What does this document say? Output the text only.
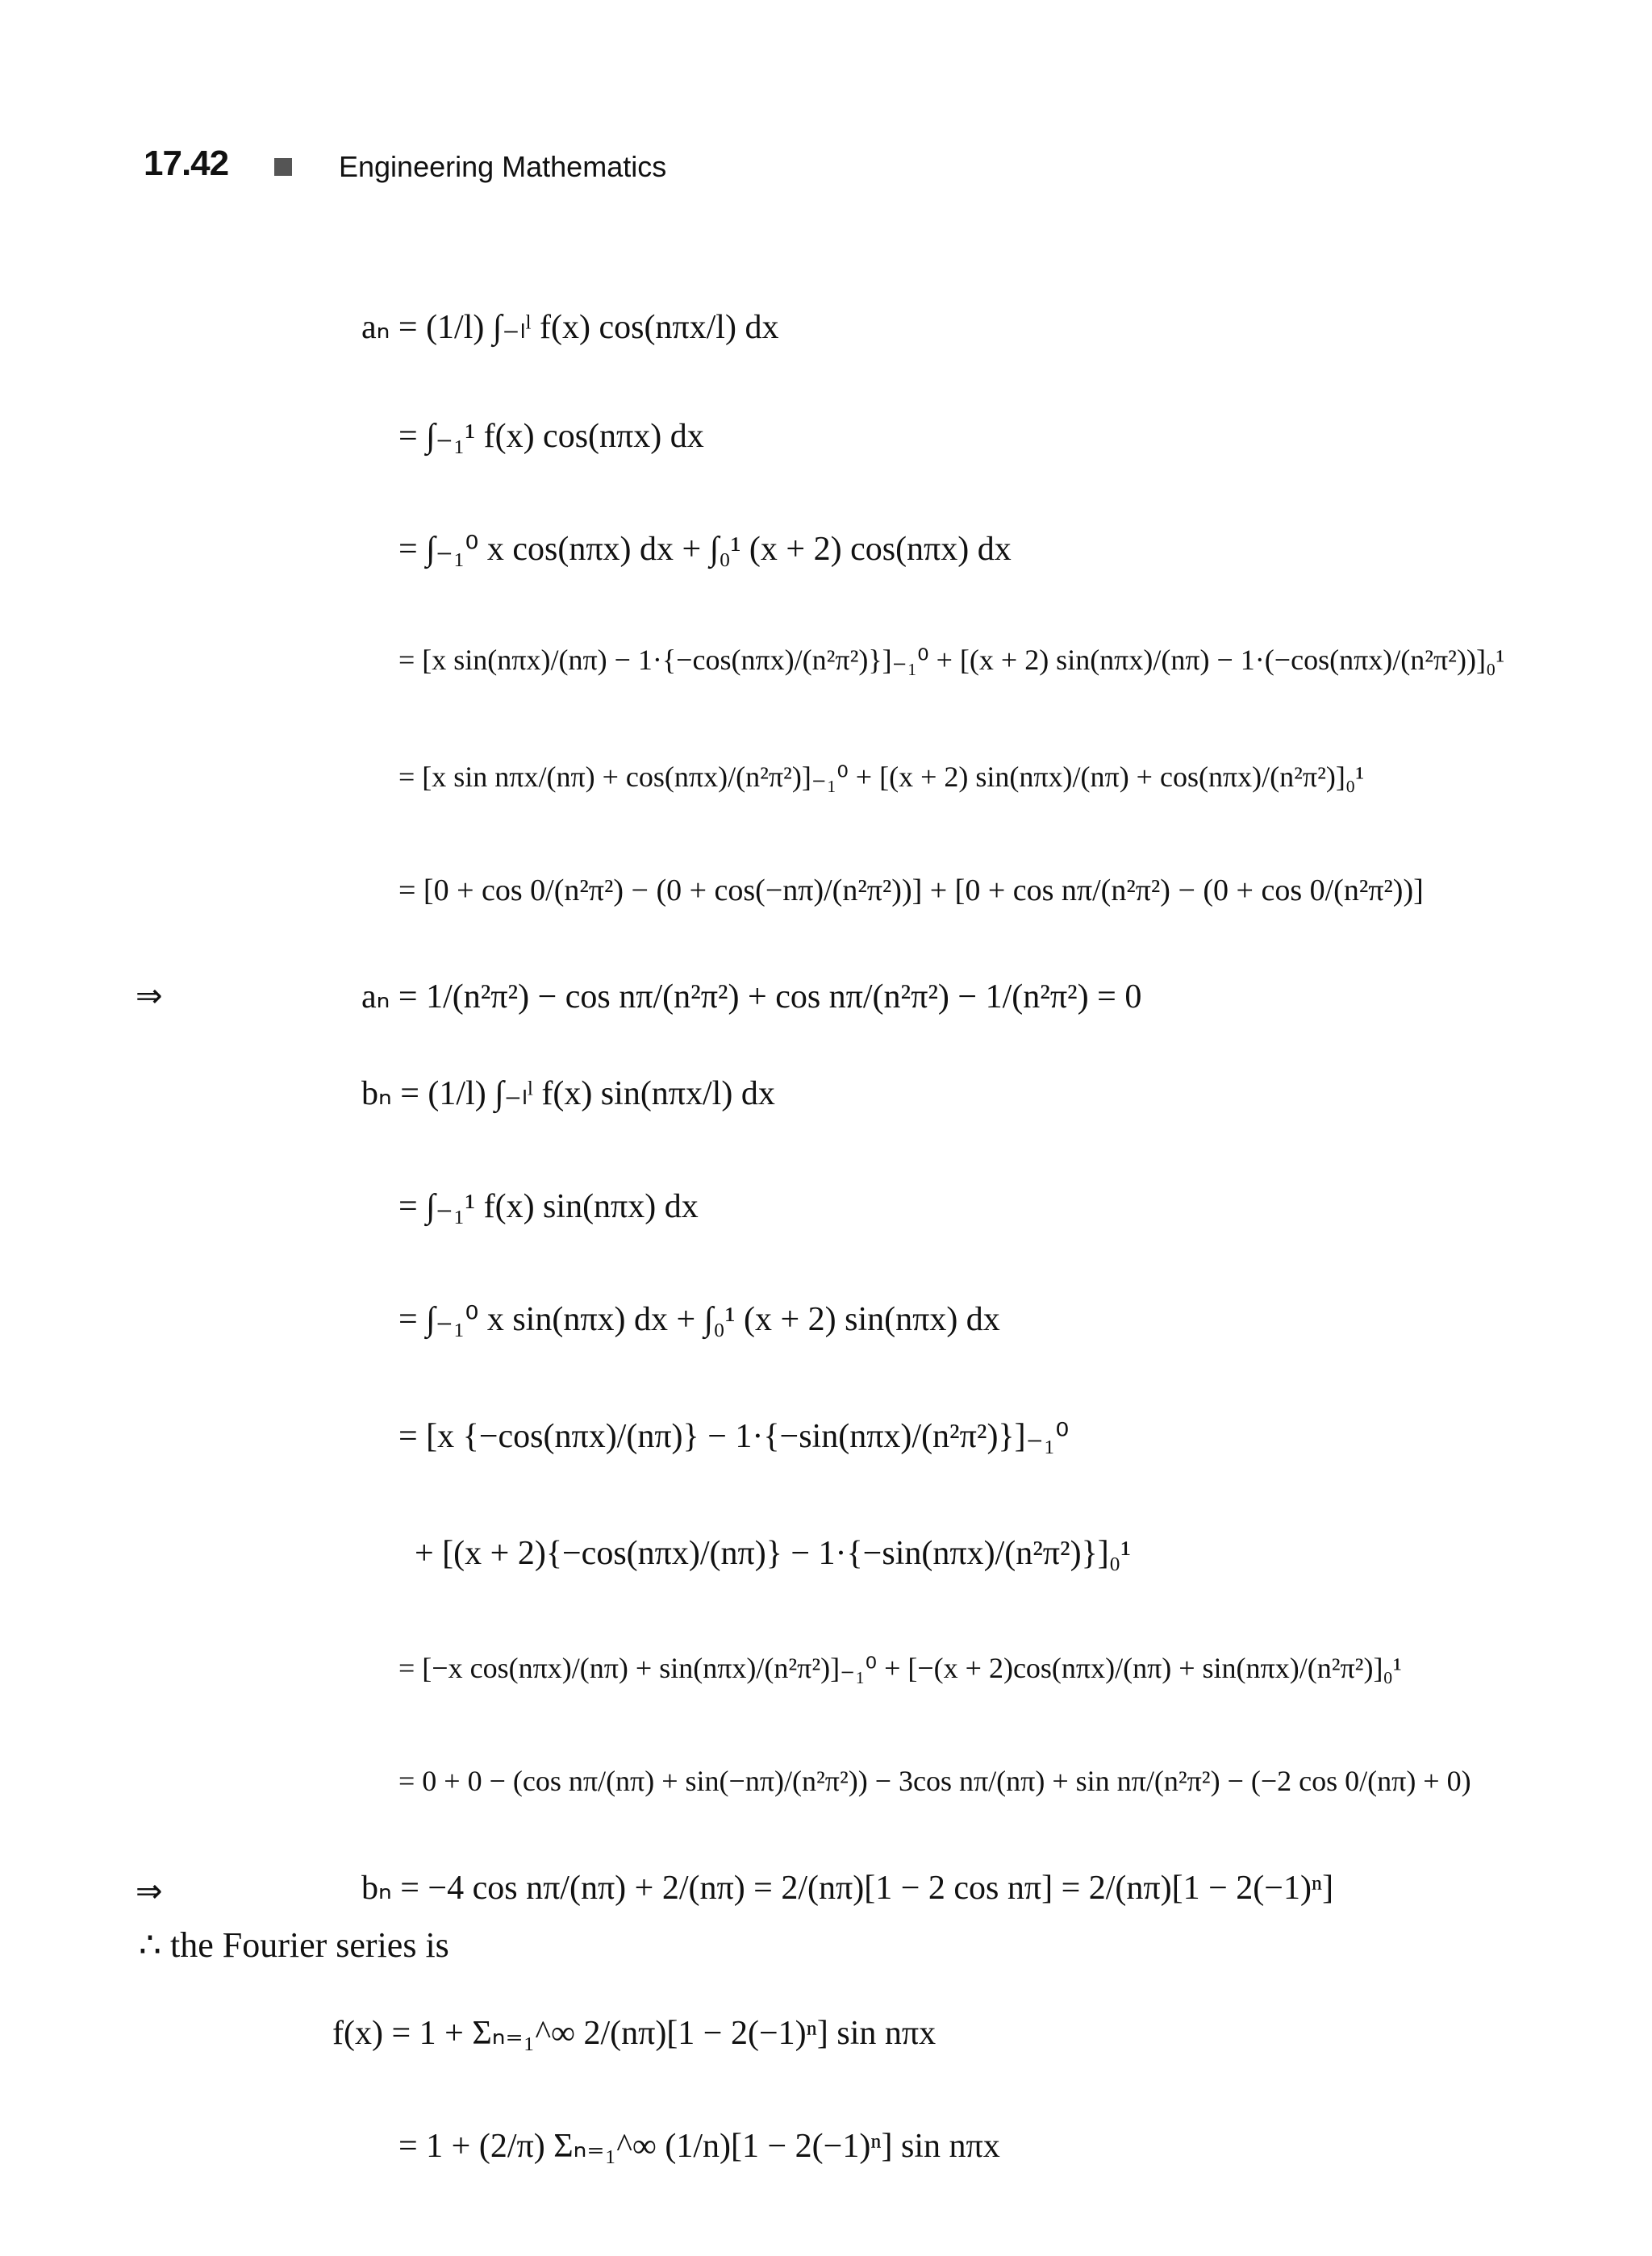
17.42	Engineering Mathematics
aₙ = (1/l) ∫₋ₗˡ f(x) cos(nπx/l) dx
= ∫₋₁¹ f(x) cos(nπx) dx
= ∫₋₁⁰ x cos(nπx) dx + ∫₀¹ (x + 2) cos(nπx) dx
= [x sin(nπx)/(nπ) − 1·{−cos(nπx)/(n²π²)}]₋₁⁰ + [(x + 2) sin(nπx)/(nπ) − 1·(−cos(nπx)/(n²π²))]₀¹
= [x sin nπx/(nπ) + cos(nπx)/(n²π²)]₋₁⁰ + [(x + 2) sin(nπx)/(nπ) + cos(nπx)/(n²π²)]₀¹
= [0 + cos 0/(n²π²) − (0 + cos(−nπ)/(n²π²))] + [0 + cos nπ/(n²π²) − (0 + cos 0/(n²π²))]
⇒	aₙ = 1/(n²π²) − cos nπ/(n²π²) + cos nπ/(n²π²) − 1/(n²π²) = 0
bₙ = (1/l) ∫₋ₗˡ f(x) sin(nπx/l) dx
= ∫₋₁¹ f(x) sin(nπx) dx
= ∫₋₁⁰ x sin(nπx) dx + ∫₀¹ (x + 2) sin(nπx) dx
= [x {−cos(nπx)/(nπ)} − 1·{−sin(nπx)/(n²π²)}]₋₁⁰
+ [(x + 2){−cos(nπx)/(nπ)} − 1·{−sin(nπx)/(n²π²)}]₀¹
= [−x cos(nπx)/(nπ) + sin(nπx)/(n²π²)]₋₁⁰ + [−(x + 2)cos(nπx)/(nπ) + sin(nπx)/(n²π²)]₀¹
= 0 + 0 − (cos nπ/(nπ) + sin(−nπ)/(n²π²)) − 3cos nπ/(nπ) + sin nπ/(n²π²) − (−2 cos 0/(nπ) + 0)
⇒	bₙ = −4 cos nπ/(nπ) + 2/(nπ) = 2/(nπ)[1 − 2 cos nπ] = 2/(nπ)[1 − 2(−1)ⁿ]
∴ the Fourier series is
f(x) = 1 + Σₙ₌₁^∞ 2/(nπ)[1 − 2(−1)ⁿ] sin nπx
= 1 + (2/π) Σₙ₌₁^∞ (1/n)[1 − 2(−1)ⁿ] sin nπx
